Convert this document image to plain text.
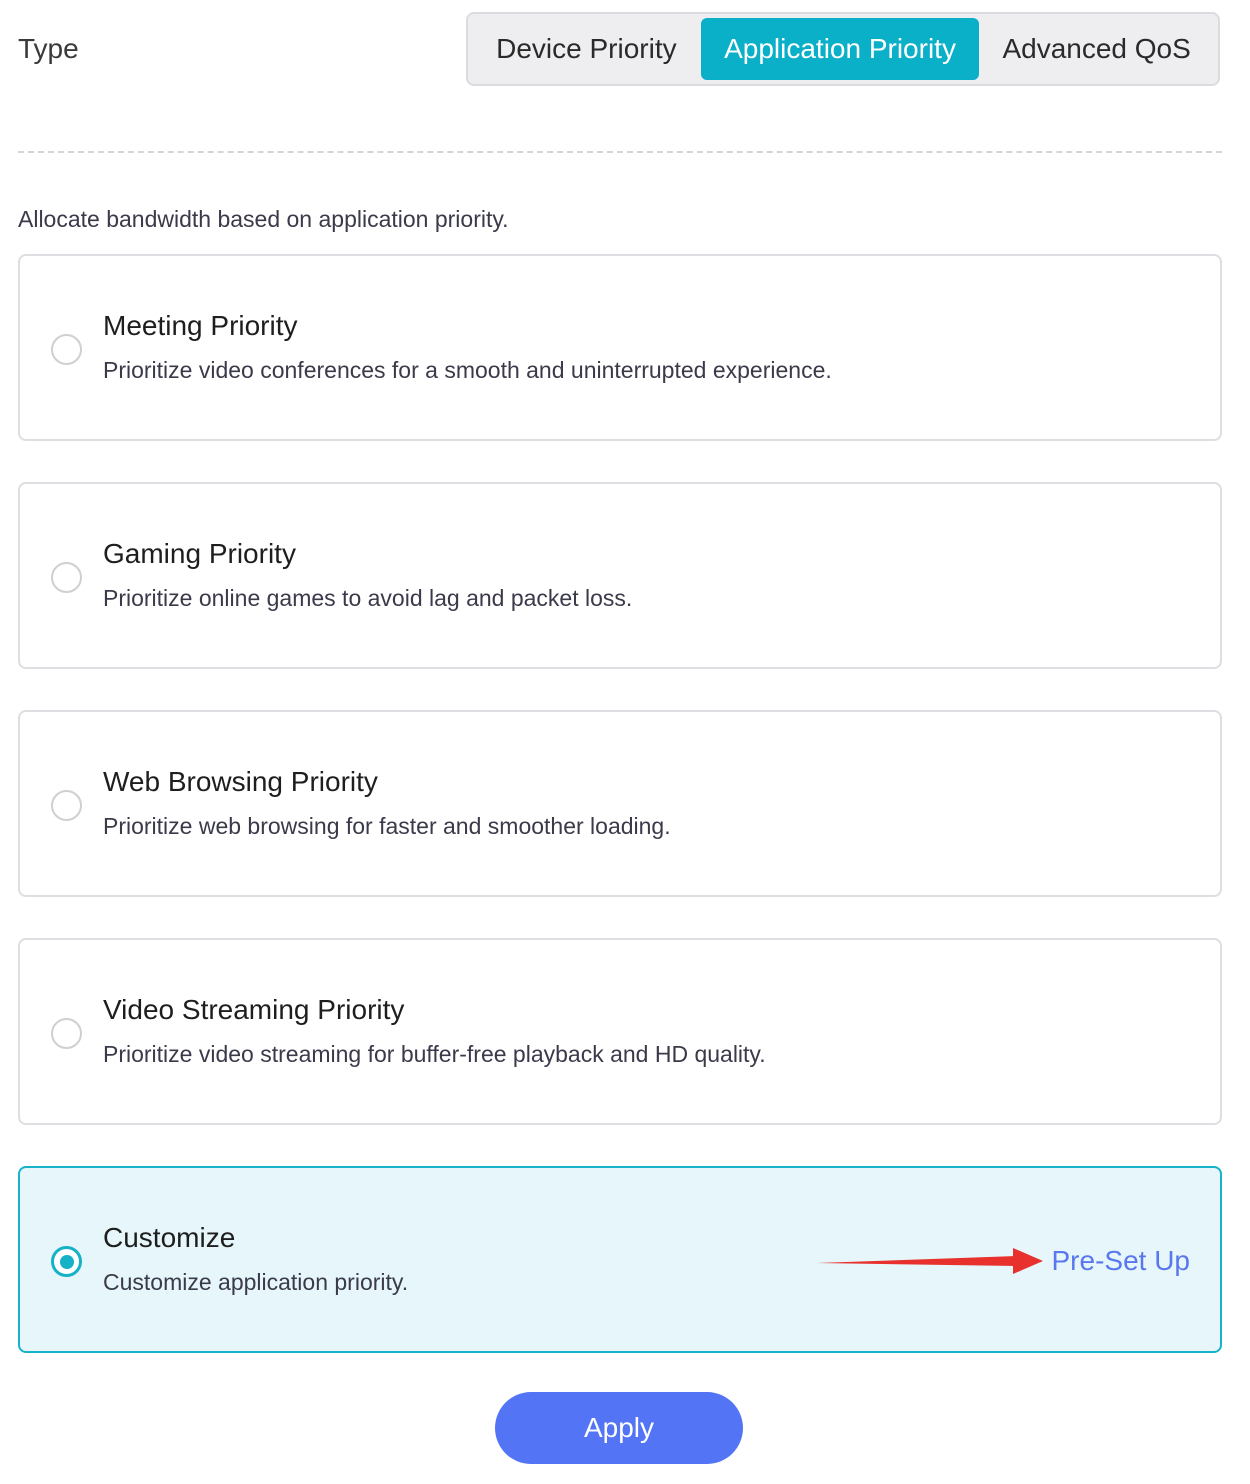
Type	Device Priority	Application Priority	Advanced QoS
Allocate bandwidth based on application priority.
Meeting Priority
Prioritize video conferences for a smooth and uninterrupted experience.
Gaming Priority
Prioritize online games to avoid lag and packet loss.
Web Browsing Priority
Prioritize web browsing for faster and smoother loading.
Video Streaming Priority
Prioritize video streaming for buffer-free playback and HD quality.
Customize
Customize application priority.
Pre-Set Up
Apply
